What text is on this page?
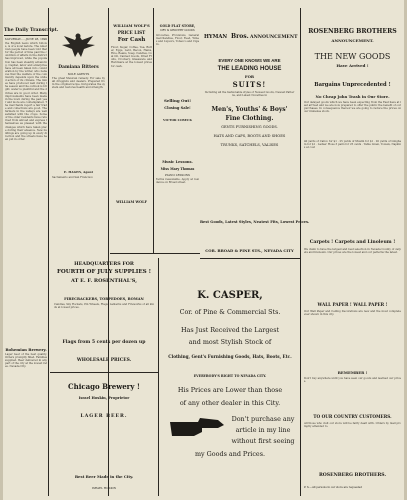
The Daily Transcript.
SATURDAY......JUNE 28, 1890
the English news which follows, is of a local nature. The American people have been told that for the period of time past the condition of affairs in the district has improved, while the population has been steadily advancing. Capital, labor and enterprise have all been taken into consideration by the writer, who believes that the welfare of the community depends upon the united action of its citizens. The mines have produced well during the season and the outlook is bright; water is plentiful and the ditches are in good order. Many improvements have been made in the town during the past year and more are contemplated. The merchants report a fair trade and collections are good. The farmers in the valleys are well satisfied with the crops. Some of the older residents have returned from abroad and express themselves as pleased with the changes which have taken place during their absence. New buildings are going up in every direction and the streets have been put in order.
Bohemian Brewery.
Lager beer of the best quality. Orders promptly filled. Families supplied. Beer delivered in any part of the city at the lowest rates. Nevada City.
Damiana Bitters
SOLE AGENTS
The great Mexican remedy. For sale by all druggists and dealers. Prepared from the original recipe. Invigorates the system and restores health and strength.
E. HAGEN, Agent
Sacramento and San Francisco
WILLIAM WOLF'S
PRICE LIST
For Cash
Flour, Sugar, Coffee, Tea, Butter, Eggs, Lard, Bacon, Hams, Rice, Beans, Soap, Candles, Coal Oil, Canned Goods, Dried Fruits, Crockery, Glassware and Hardware at the lowest prices for cash.
WILLIAM WOLF
GOLD FLAT STORE,
DRY & GROCERY GOODS
Groceries, Provisions, General merchandise, Flour, Feed, Wines and Liquors, Tobacco and Cigars.
Selling Out!
Closing Sale!
VICTOR LUBECK
Music Lessons.
Miss Mary Thomas
PIANO LESSONS
Terms reasonable. Apply at residence on Broad street.
HYMAN Bros. ANNOUNCEMENT
EVERY ONE KNOWS WE ARE
THE LEADING HOUSE
FOR
SUITS!
Including all the fashionable styles of Newest Goods, Newest Patterns, and Latest Novelties in
Men's, Youths' & Boys'
Fine Clothing.
GENTS FURNISHING GOODS.
HATS AND CAPS, BOOTS AND SHOES
TRUNKS, SATCHELS, VALISES
Best Goods, Latest Styles, Neatest Fits, Lowest Prices.
COR. BROAD & PINE STS., NEVADA CITY
HEADQUARTERS FOR
FOURTH OF JULY SUPPLIES !
AT E. F. ROSENTHAL'S,
FIRECRACKERS, TORPEDOES, ROMAN
Candles, Sky Rockets, Pin Wheels, Flags, Lanterns and Fireworks of all kinds at lowest prices.
Flags from 5 cents per dozen up
WHOLESALE PRICES.
Chicago Brewery !
Israel Hoskin, Proprietor
LAGER BEER.
Best Beer Made in the City.
ISRAEL HOSKIN
K. CASPER,
Cor. of Pine & Commercial Sts.
Has Just Received the Largest
and most Stylish Stock of
Clothing, Gent's Furnishing Goods, Hats, Boots, Etc.
EVERYBODY'S RIGHT TO NEVADA CITY.
His Prices are Lower than those
of any other dealer in this City.
Don't purchase any
article in my line
without first seeing
my Goods and Prices.
ROSENBERG BROTHERS
ANNOUNCEMENT.
THE NEW GOODS
Have Arrived !
Bargains Unprecedented !
No Cheap John Trash in Our Store.
Our delayed goods which we have been expecting from the East have at last arrived and we are now prepared to offer the public the benefit of our purchases. In consequence thereof we are going to reduce the prices on our immense stock.
40 yards of Calico for $1 · 25 yards of Muslin for $1 · 20 yards of Gingham for $1 · Ladies' Hose 3 pairs for 25 cents · Table Linen, Towels, Napkins at cost
Carpets ! Carpets and Linoleum !
We claim to have the largest and best selection in Nevada County of carpets and linoleum. Our prices are the lowest and our patterns the latest.
WALL PAPER ! WALL PAPER !
Our Wall Paper and Ceiling Decorations are new and the most complete ever shown in this city.
REMEMBER !
Don't buy anywhere until you have seen our goods and learned our prices.
TO OUR COUNTRY CUSTOMERS.
All those who visit our store will be fairly dealt with. Orders by mail promptly attended to.
ROSENBERG BROTHERS.
P. S.—All persons in our store are requested
